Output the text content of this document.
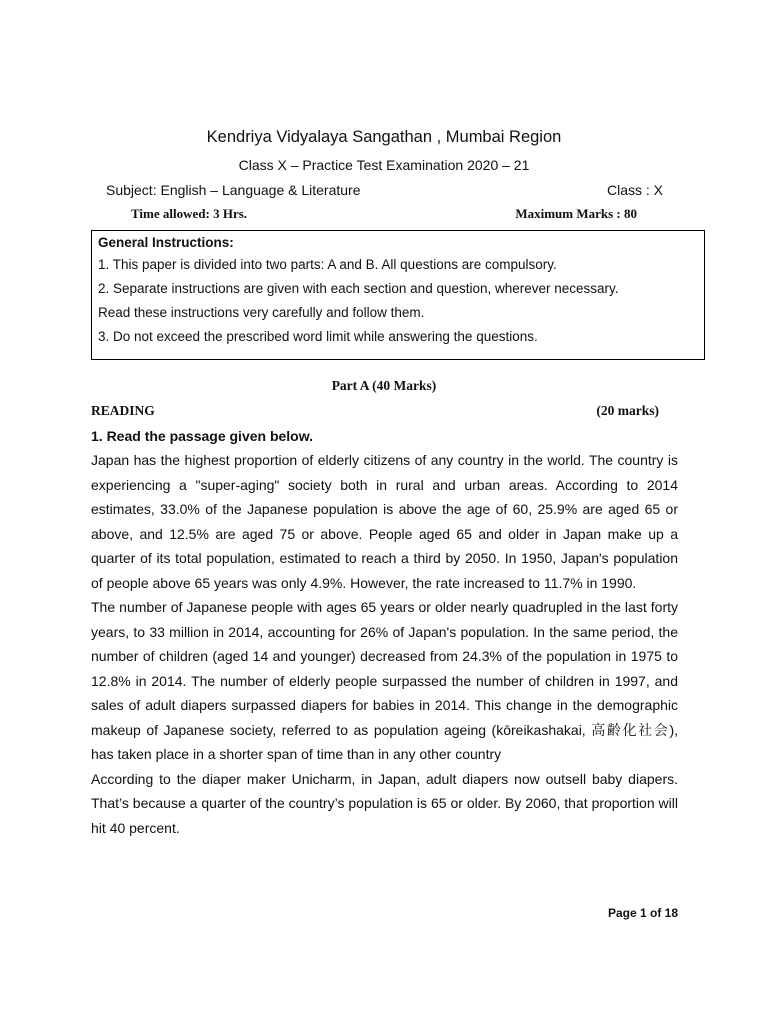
Kendriya Vidyalaya Sangathan , Mumbai Region
Class X – Practice Test Examination 2020 – 21
Subject: English – Language & Literature	Class : X
Time allowed: 3 Hrs.	Maximum Marks : 80
General Instructions:
1. This paper is divided into two parts: A and B. All questions are compulsory.
2. Separate instructions are given with each section and question, wherever necessary.
Read these instructions very carefully and follow them.
3. Do not exceed the prescribed word limit while answering the questions.
Part A (40 Marks)
READING	(20 marks)
1. Read the passage given below.

Japan has the highest proportion of elderly citizens of any country in the world. The country is experiencing a "super-aging" society both in rural and urban areas. According to 2014 estimates, 33.0% of the Japanese population is above the age of 60, 25.9% are aged 65 or above, and 12.5% are aged 75 or above. People aged 65 and older in Japan make up a quarter of its total population, estimated to reach a third by 2050. In 1950, Japan's population of people above 65 years was only 4.9%. However, the rate increased to 11.7% in 1990.

The number of Japanese people with ages 65 years or older nearly quadrupled in the last forty years, to 33 million in 2014, accounting for 26% of Japan's population. In the same period, the number of children (aged 14 and younger) decreased from 24.3% of the population in 1975 to 12.8% in 2014. The number of elderly people surpassed the number of children in 1997, and sales of adult diapers surpassed diapers for babies in 2014. This change in the demographic makeup of Japanese society, referred to as population ageing (kōreikashakai, 高齢化社会), has taken place in a shorter span of time than in any other country

According to the diaper maker Unicharm, in Japan, adult diapers now outsell baby diapers. That’s because a quarter of the country’s population is 65 or older. By 2060, that proportion will hit 40 percent.

Page 1 of 18
